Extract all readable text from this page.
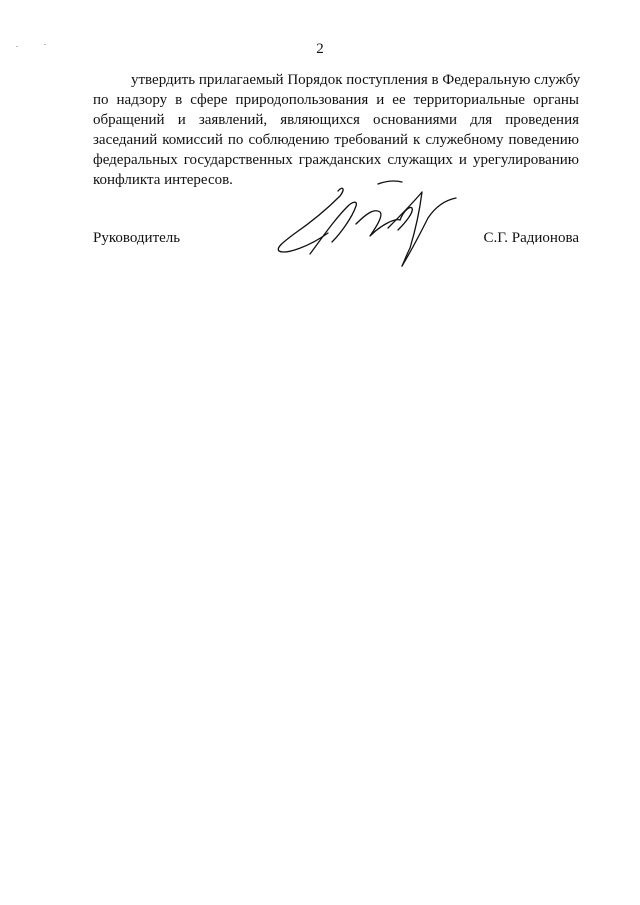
2
утвердить прилагаемый Порядок поступления в Федеральную службу
по надзору в сфере природопользования и ее территориальные органы
обращений и заявлений, являющихся основаниями для проведения
заседаний комиссий по соблюдению требований к служебному поведению
федеральных государственных гражданских служащих и урегулированию
конфликта интересов.
Руководитель	С.Г. Радионова
